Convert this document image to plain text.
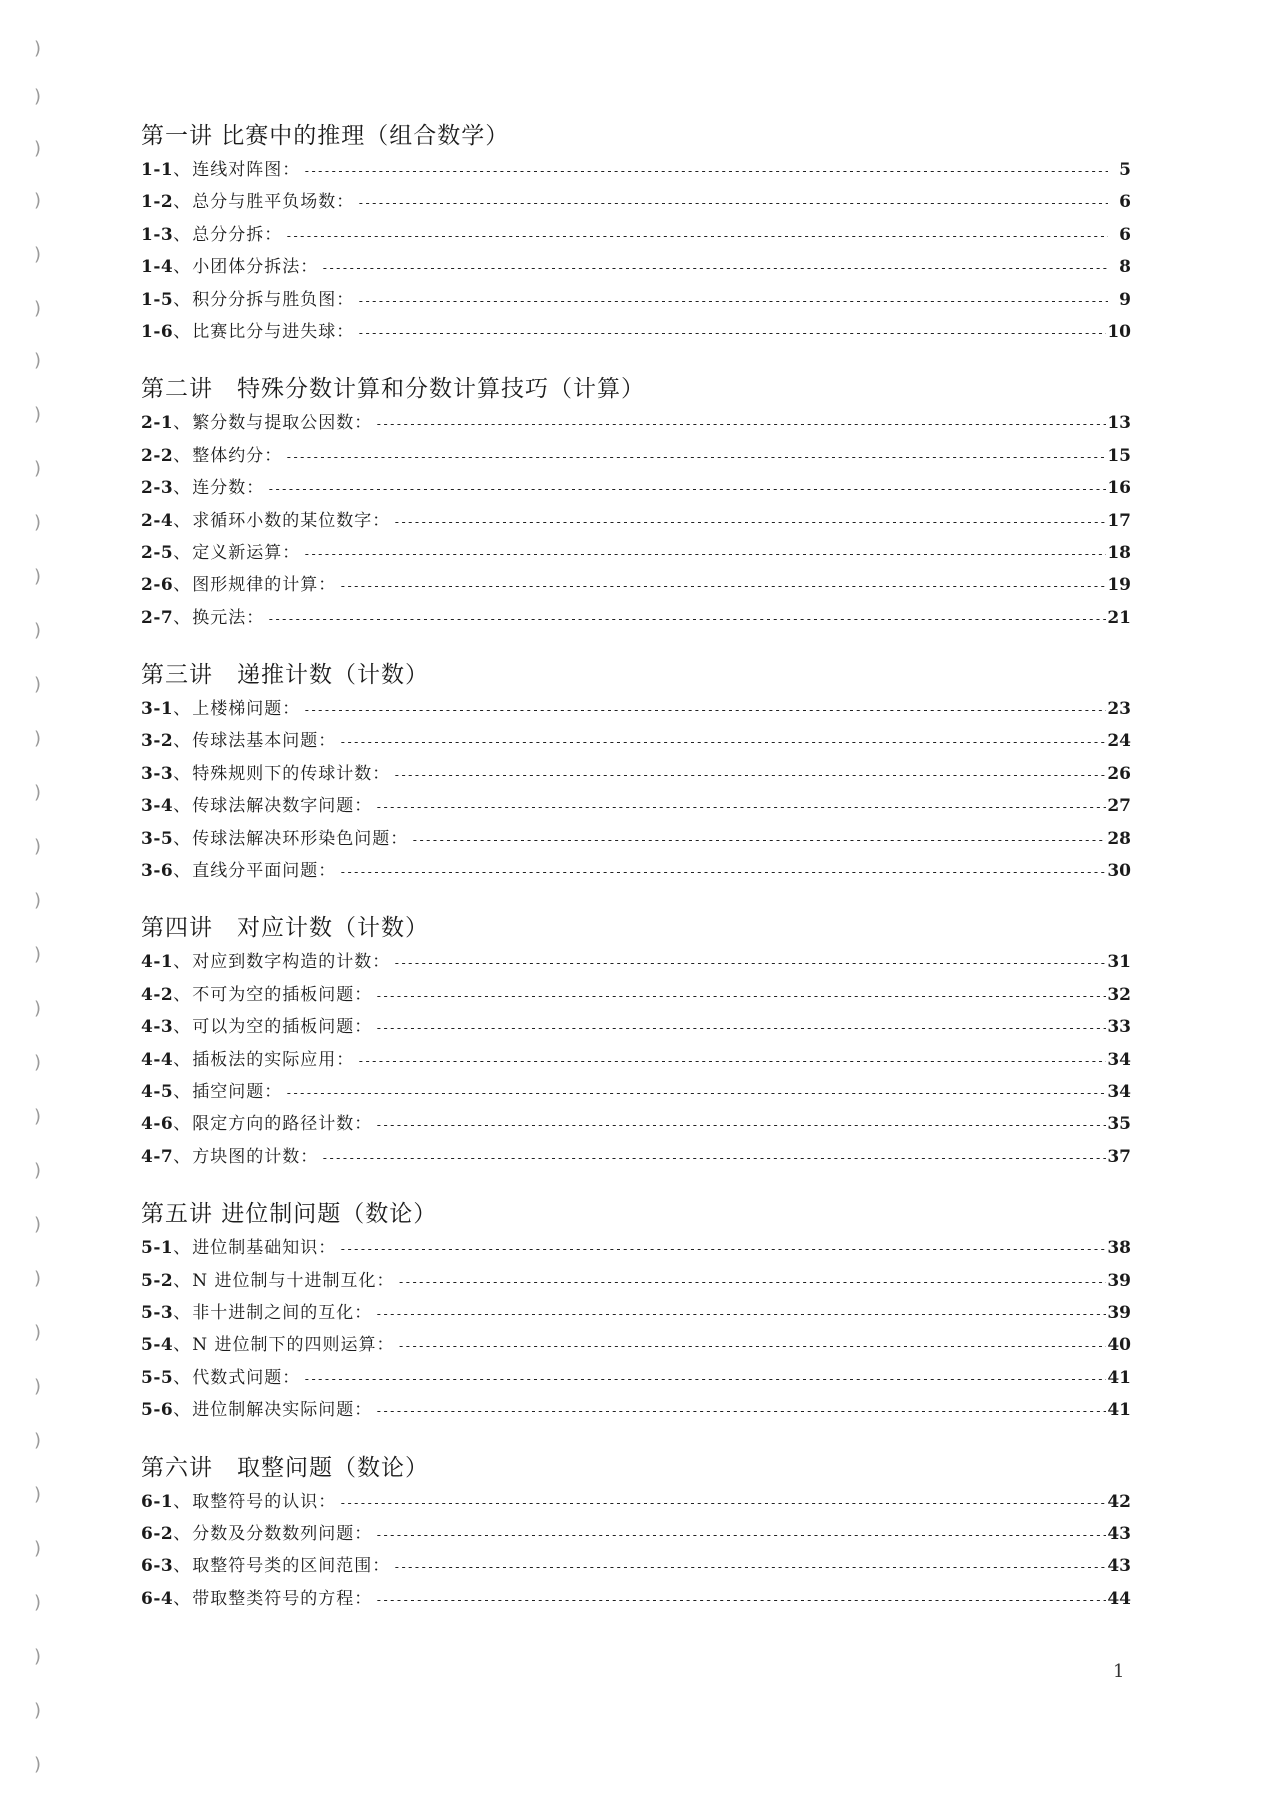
)
)
)
)
)
)
)
)
)
)
)
)
)
)
)
)
)
)
)
)
)
)
)
)
)
)
)
)
)
)
)
)
)
第一讲 比赛中的推理（组合数学）
1-1 、 连线对阵图： -----	5
1-2 、 总分与胜平负场数： -----	6
1-3 、 总分分拆： -----	6
1-4 、 小团体分拆法： -----	8
1-5 、 积分分拆与胜负图： -----	9
1-6 、 比赛比分与进失球： -----	10
第二讲　特殊分数计算和分数计算技巧（计算）
2-1 、 繁分数与提取公因数： -----	13
2-2 、 整体约分： -----	15
2-3 、 连分数： -----	16
2-4 、 求循环小数的某位数字： -----	17
2-5 、 定义新运算： -----	18
2-6 、 图形规律的计算： -----	19
2-7 、 换元法： -----	21
第三讲　递推计数（计数）
3-1 、 上楼梯问题： -----	23
3-2 、 传球法基本问题： -----	24
3-3 、 特殊规则下的传球计数： -----	26
3-4 、 传球法解决数字问题： -----	27
3-5 、 传球法解决环形染色问题： -----	28
3-6 、 直线分平面问题： -----	30
第四讲　对应计数（计数）
4-1 、 对应到数字构造的计数： -----	31
4-2 、 不可为空的插板问题： -----	32
4-3 、 可以为空的插板问题： -----	33
4-4 、 插板法的实际应用： -----	34
4-5 、 插空问题： -----	34
4-6 、 限定方向的路径计数： -----	35
4-7 、 方块图的计数： -----	37
第五讲 进位制问题（数论）
5-1 、 进位制基础知识： -----	38
5-2 、 N 进位制与十进制互化： -----	39
5-3 、 非十进制之间的互化： -----	39
5-4 、 N 进位制下的四则运算： -----	40
5-5 、 代数式问题： -----	41
5-6 、 进位制解决实际问题： -----	41
第六讲　取整问题（数论）
6-1 、 取整符号的认识： -----	42
6-2 、 分数及分数数列问题： -----	43
6-3 、 取整符号类的区间范围： -----	43
6-4 、 带取整类符号的方程： -----	44
1
